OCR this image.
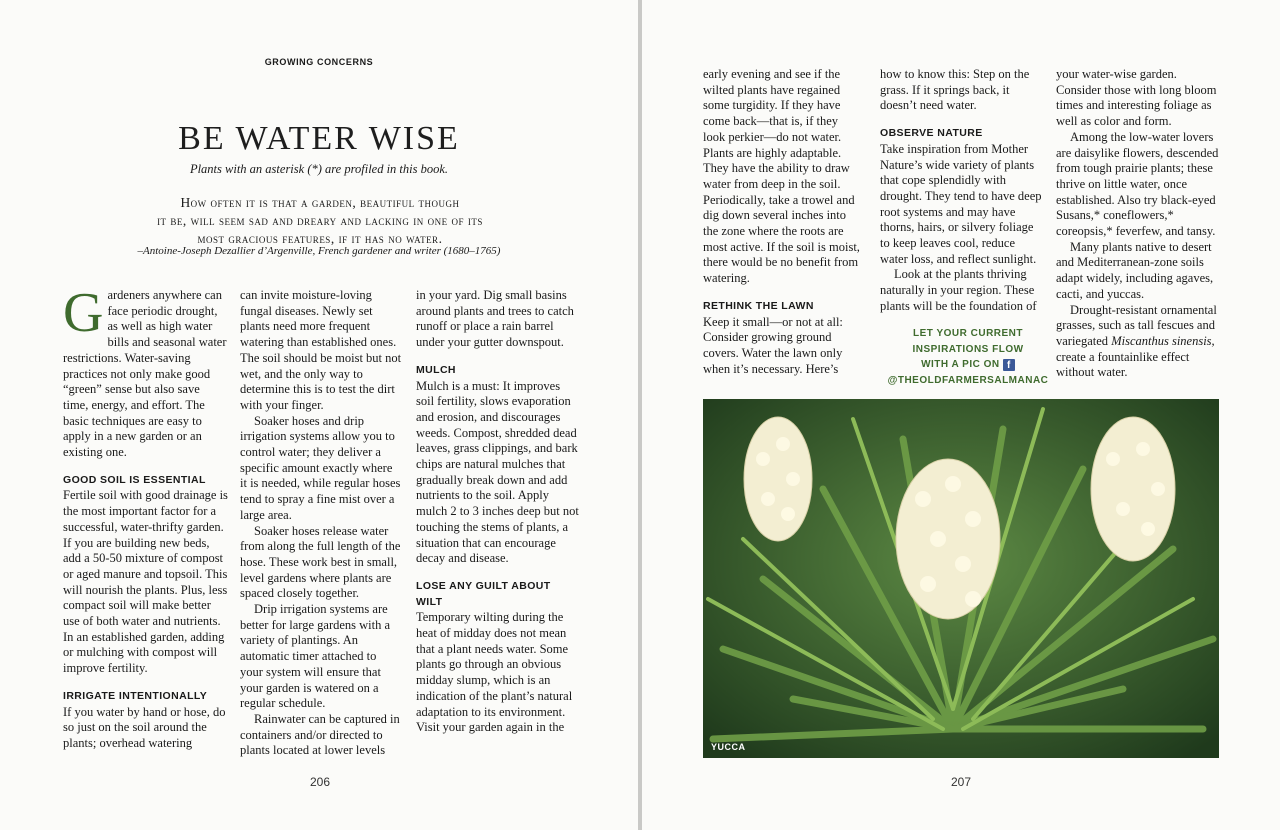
GROWING CONCERNS
BE WATER WISE
Plants with an asterisk (*) are profiled in this book.
How often it is that a garden, beautiful though
it be, will seem sad and dreary and lacking in one of its
most gracious features, if it has no water.
–Antoine-Joseph Dezallier d’Argenville, French gardener and writer (1680–1765)

Gardeners anywhere can face periodic drought, as well as high water bills and seasonal water restrictions. Water-saving practices not only make good “green” sense but also save time, energy, and effort. The basic techniques are easy to apply in a new garden or an existing one.

GOOD SOIL IS ESSENTIAL

Fertile soil with good drainage is the most important factor for a successful, water-thrifty garden. If you are building new beds, add a 50-50 mixture of compost or aged manure and topsoil. This will nourish the plants. Plus, less compact soil will make better use of both water and nutrients. In an established garden, adding or mulching with compost will improve fertility.

IRRIGATE INTENTIONALLY

If you water by hand or hose, do so just on the soil around the plants; overhead watering

can invite moisture-loving fungal diseases. Newly set plants need more frequent watering than established ones. The soil should be moist but not wet, and the only way to determine this is to test the dirt with your finger.

Soaker hoses and drip irrigation systems allow you to control water; they deliver a specific amount exactly where it is needed, while regular hoses tend to spray a fine mist over a large area.

Soaker hoses release water from along the full length of the hose. These work best in small, level gardens where plants are spaced closely together.

Drip irrigation systems are better for large gardens with a variety of plantings. An automatic timer attached to your system will ensure that your garden is watered on a regular schedule.

Rainwater can be captured in containers and/or directed to plants located at lower levels

in your yard. Dig small basins around plants and trees to catch runoff or place a rain barrel under your gutter downspout.

MULCH

Mulch is a must: It improves soil fertility, slows evaporation and erosion, and discourages weeds. Compost, shredded dead leaves, grass clippings, and bark chips are natural mulches that gradually break down and add nutrients to the soil. Apply mulch 2 to 3 inches deep but not touching the stems of plants, a situation that can encourage decay and disease.

LOSE ANY GUILT ABOUT WILT

Temporary wilting during the heat of midday does not mean that a plant needs water. Some plants go through an obvious midday slump, which is an indication of the plant’s natural adaptation to its environment. Visit your garden again in the

206

early evening and see if the wilted plants have regained some turgidity. If they have come back—that is, if they look perkier—do not water. Plants are highly adaptable. They have the ability to draw water from deep in the soil. Periodically, take a trowel and dig down several inches into the zone where the roots are most active. If the soil is moist, there would be no benefit from watering.

RETHINK THE LAWN

Keep it small—or not at all: Consider growing ground covers. Water the lawn only when it’s necessary. Here’s

how to know this: Step on the grass. If it springs back, it doesn’t need water.

OBSERVE NATURE

Take inspiration from Mother Nature’s wide variety of plants that cope splendidly with drought. They tend to have deep root systems and may have thorns, hairs, or silvery foliage to keep leaves cool, reduce water loss, and reflect sunlight.

Look at the plants thriving naturally in your region. These plants will be the foundation of

LET YOUR CURRENT
INSPIRATIONS FLOW
WITH A PIC ON f
@THEOLDFARMERSALMANAC

your water-wise garden. Consider those with long bloom times and interesting foliage as well as color and form.

Among the low-water lovers are daisylike flowers, descended from tough prairie plants; these thrive on little water, once established. Also try black-eyed Susans,* coneflowers,* coreopsis,* feverfew, and tansy.

Many plants native to desert and Mediterranean-zone soils adapt widely, including agaves, cacti, and yuccas.

Drought-resistant ornamental grasses, such as tall fescues and variegated Miscanthus sinensis, create a fountainlike effect without water.

YUCCA
207
